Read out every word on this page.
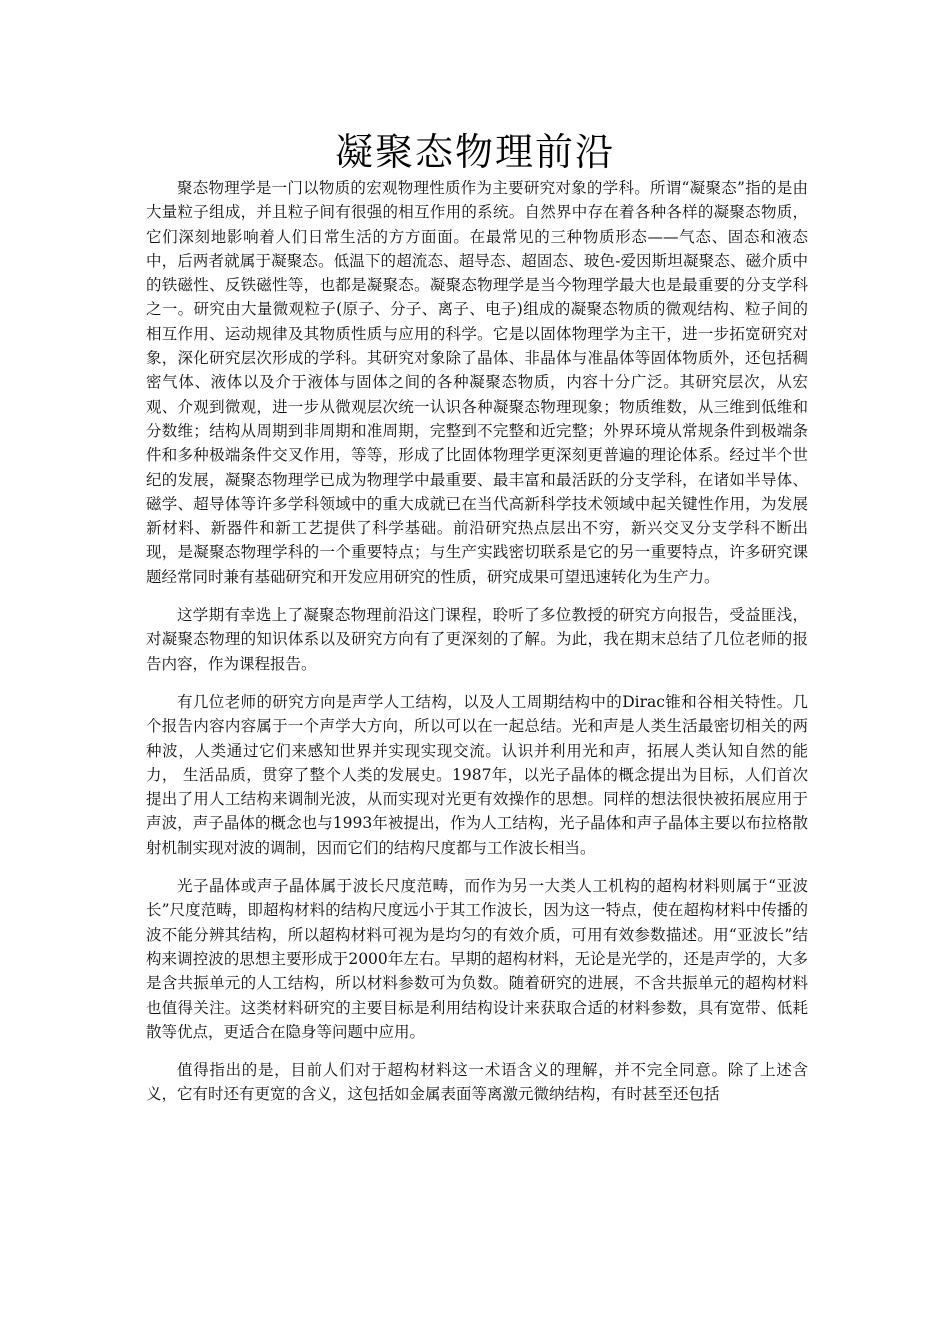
凝聚态物理前沿

聚态物理学是一门以物质的宏观物理性质作为主要研究对象的学科。所谓“凝聚态”指的是由大量粒子组成，并且粒子间有很强的相互作用的系统。自然界中存在着各种各样的凝聚态物质，它们深刻地影响着人们日常生活的方方面面。在最常见的三种物质形态——气态、固态和液态中，后两者就属于凝聚态。低温下的超流态、超导态、超固态、玻色-爱因斯坦凝聚态、磁介质中的铁磁性、反铁磁性等，也都是凝聚态。凝聚态物理学是当今物理学最大也是最重要的分支学科之一。研究由大量微观粒子(原子、分子、离子、电子)组成的凝聚态物质的微观结构、粒子间的相互作用、运动规律及其物质性质与应用的科学。它是以固体物理学为主干，进一步拓宽研究对象，深化研究层次形成的学科。其研究对象除了晶体、非晶体与准晶体等固体物质外，还包括稠密气体、液体以及介于液体与固体之间的各种凝聚态物质，内容十分广泛。其研究层次，从宏观、介观到微观，进一步从微观层次统一认识各种凝聚态物理现象；物质维数，从三维到低维和分数维；结构从周期到非周期和准周期，完整到不完整和近完整；外界环境从常规条件到极端条件和多种极端条件交叉作用，等等，形成了比固体物理学更深刻更普遍的理论体系。经过半个世纪的发展，凝聚态物理学已成为物理学中最重要、最丰富和最活跃的分支学科，在诸如半导体、磁学、超导体等许多学科领域中的重大成就已在当代高新科学技术领域中起关键性作用，为发展新材料、新器件和新工艺提供了科学基础。前沿研究热点层出不穷，新兴交叉分支学科不断出现，是凝聚态物理学科的一个重要特点；与生产实践密切联系是它的另一重要特点，许多研究课题经常同时兼有基础研究和开发应用研究的性质，研究成果可望迅速转化为生产力。

这学期有幸选上了凝聚态物理前沿这门课程，聆听了多位教授的研究方向报告，受益匪浅，对凝聚态物理的知识体系以及研究方向有了更深刻的了解。为此，我在期末总结了几位老师的报告内容，作为课程报告。

有几位老师的研究方向是声学人工结构，以及人工周期结构中的Dirac锥和谷相关特性。几个报告内容内容属于一个声学大方向，所以可以在一起总结。光和声是人类生活最密切相关的两种波，人类通过它们来感知世界并实现实现交流。认识并利用光和声，拓展人类认知自然的能力， 生活品质，贯穿了整个人类的发展史。1987年，以光子晶体的概念提出为目标，人们首次提出了用人工结构来调制光波，从而实现对光更有效操作的思想。同样的想法很快被拓展应用于声波，声子晶体的概念也与1993年被提出，作为人工结构，光子晶体和声子晶体主要以布拉格散射机制实现对波的调制，因而它们的结构尺度都与工作波长相当。

光子晶体或声子晶体属于波长尺度范畴，而作为另一大类人工机构的超构材料则属于“亚波长”尺度范畴，即超构材料的结构尺度远小于其工作波长，因为这一特点，使在超构材料中传播的波不能分辨其结构，所以超构材料可视为是均匀的有效介质，可用有效参数描述。用“亚波长”结构来调控波的思想主要形成于2000年左右。早期的超构材料，无论是光学的，还是声学的，大多是含共振单元的人工结构，所以材料参数可为负数。随着研究的进展，不含共振单元的超构材料也值得关注。这类材料研究的主要目标是利用结构设计来获取合适的材料参数，具有宽带、低耗散等优点，更适合在隐身等问题中应用。

值得指出的是，目前人们对于超构材料这一术语含义的理解，并不完全同意。除了上述含义，它有时还有更宽的含义，这包括如金属表面等离激元微纳结构，有时甚至还包括
